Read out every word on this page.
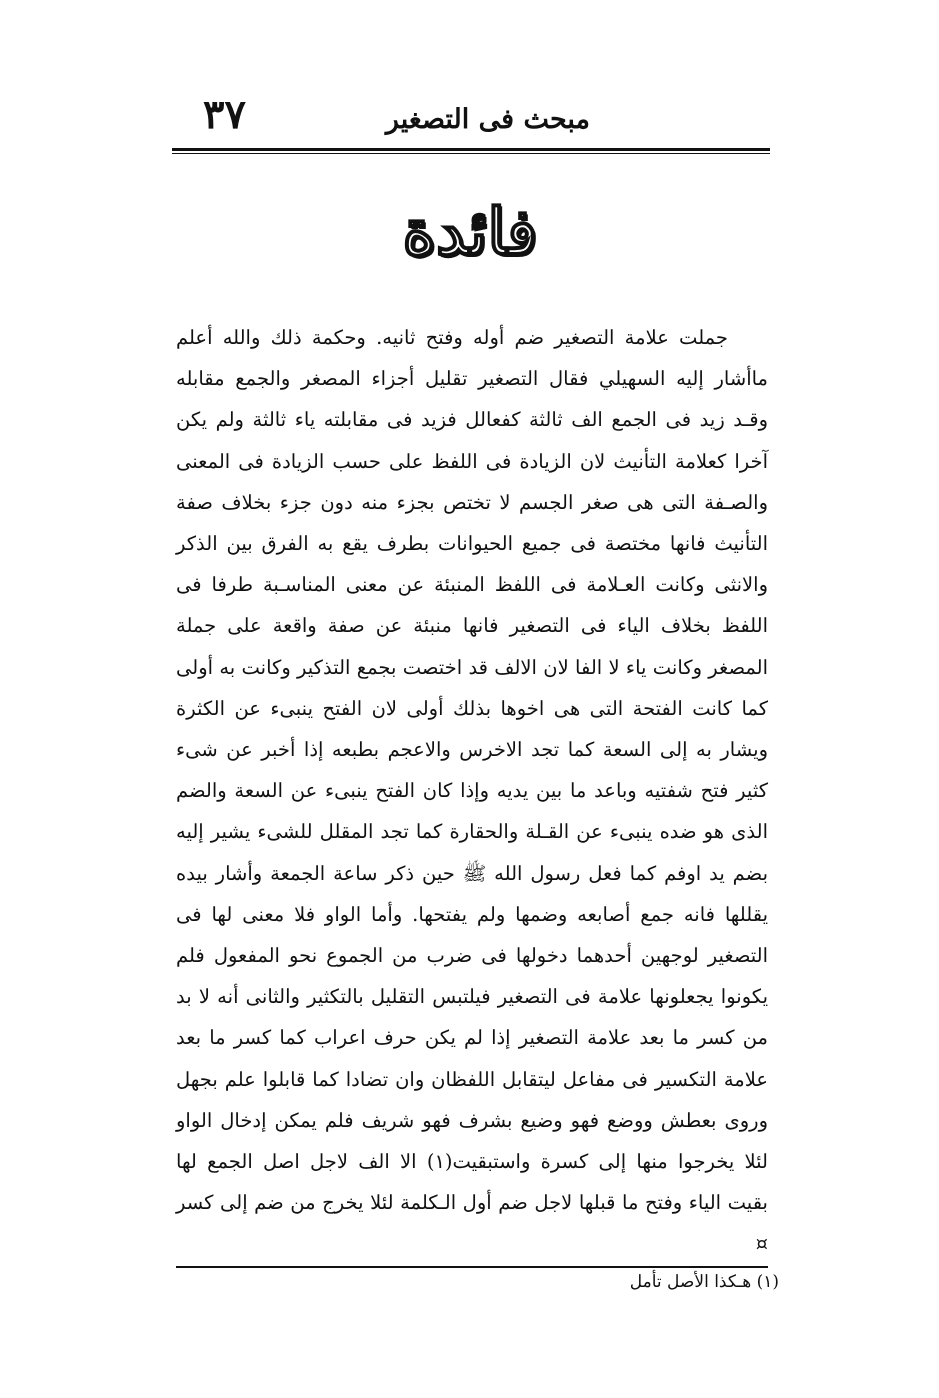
٣٧	مبحث فى التصغير
فائدة

جملت علامة التصغير ضم أوله وفتح ثانيه. وحكمة ذلك والله أعلم ماأشار إليه السهيلي فقال التصغير تقليل أجزاء المصغر والجمع مقابله وقـد زيد فى الجمع الف ثالثة كفعالل فزيد فى مقابلته ياء ثالثة ولم يكن آخرا كعلامة التأنيث لان الزيادة فى اللفظ على حسب الزيادة فى المعنى والصـفة التى هى صغر الجسم لا تختص بجزء منه دون جزء بخلاف صفة التأنيث فانها مختصة فى جميع الحيوانات بطرف يقع به الفرق بين الذكر والانثى وكانت العـلامة فى اللفظ المنبئة عن معنى المناسـبة طرفا فى اللفظ بخلاف الياء فى التصغير فانها منبئة عن صفة واقعة على جملة المصغر وكانت ياء لا الفا لان الالف قد اختصت بجمع التذكير وكانت به أولى كما كانت الفتحة التى هى اخوها بذلك أولى لان الفتح ينبىء عن الكثرة ويشار به إلى السعة كما تجد الاخرس والاعجم بطبعه إذا أخبر عن شىء كثير فتح شفتيه وباعد ما بين يديه وإذا كان الفتح ينبىء عن السعة والضم الذى هو ضده ينبىء عن القـلة والحقارة كما تجد المقلل للشىء يشير إليه بضم يد اوفم كما فعل رسول الله ﷺ حين ذكر ساعة الجمعة وأشار بيده يقللها فانه جمع أصابعه وضمها ولم يفتحها. وأما الواو فلا معنى لها فى التصغير لوجهين أحدهما دخولها فى ضرب من الجموع نحو المفعول فلم يكونوا يجعلونها علامة فى التصغير فيلتبس التقليل بالتكثير والثانى أنه لا بد من كسر ما بعد علامة التصغير إذا لم يكن حرف اعراب كما كسر ما بعد علامة التكسير فى مفاعل ليتقابل اللفظان وان تضادا كما قابلوا علم بجهل وروى بعطش ووضع فهو وضيع بشرف فهو شريف فلم يمكن إدخال الواو لئلا يخرجوا منها إلى كسرة واستبقيت(١) الا الف لاجل اصل الجمع لها بقيت الياء وفتح ما قبلها لاجل ضم أول الـكلمة لئلا يخرج من ضم إلى كسر ¤

(١) هـكذا الأصل تأمل
